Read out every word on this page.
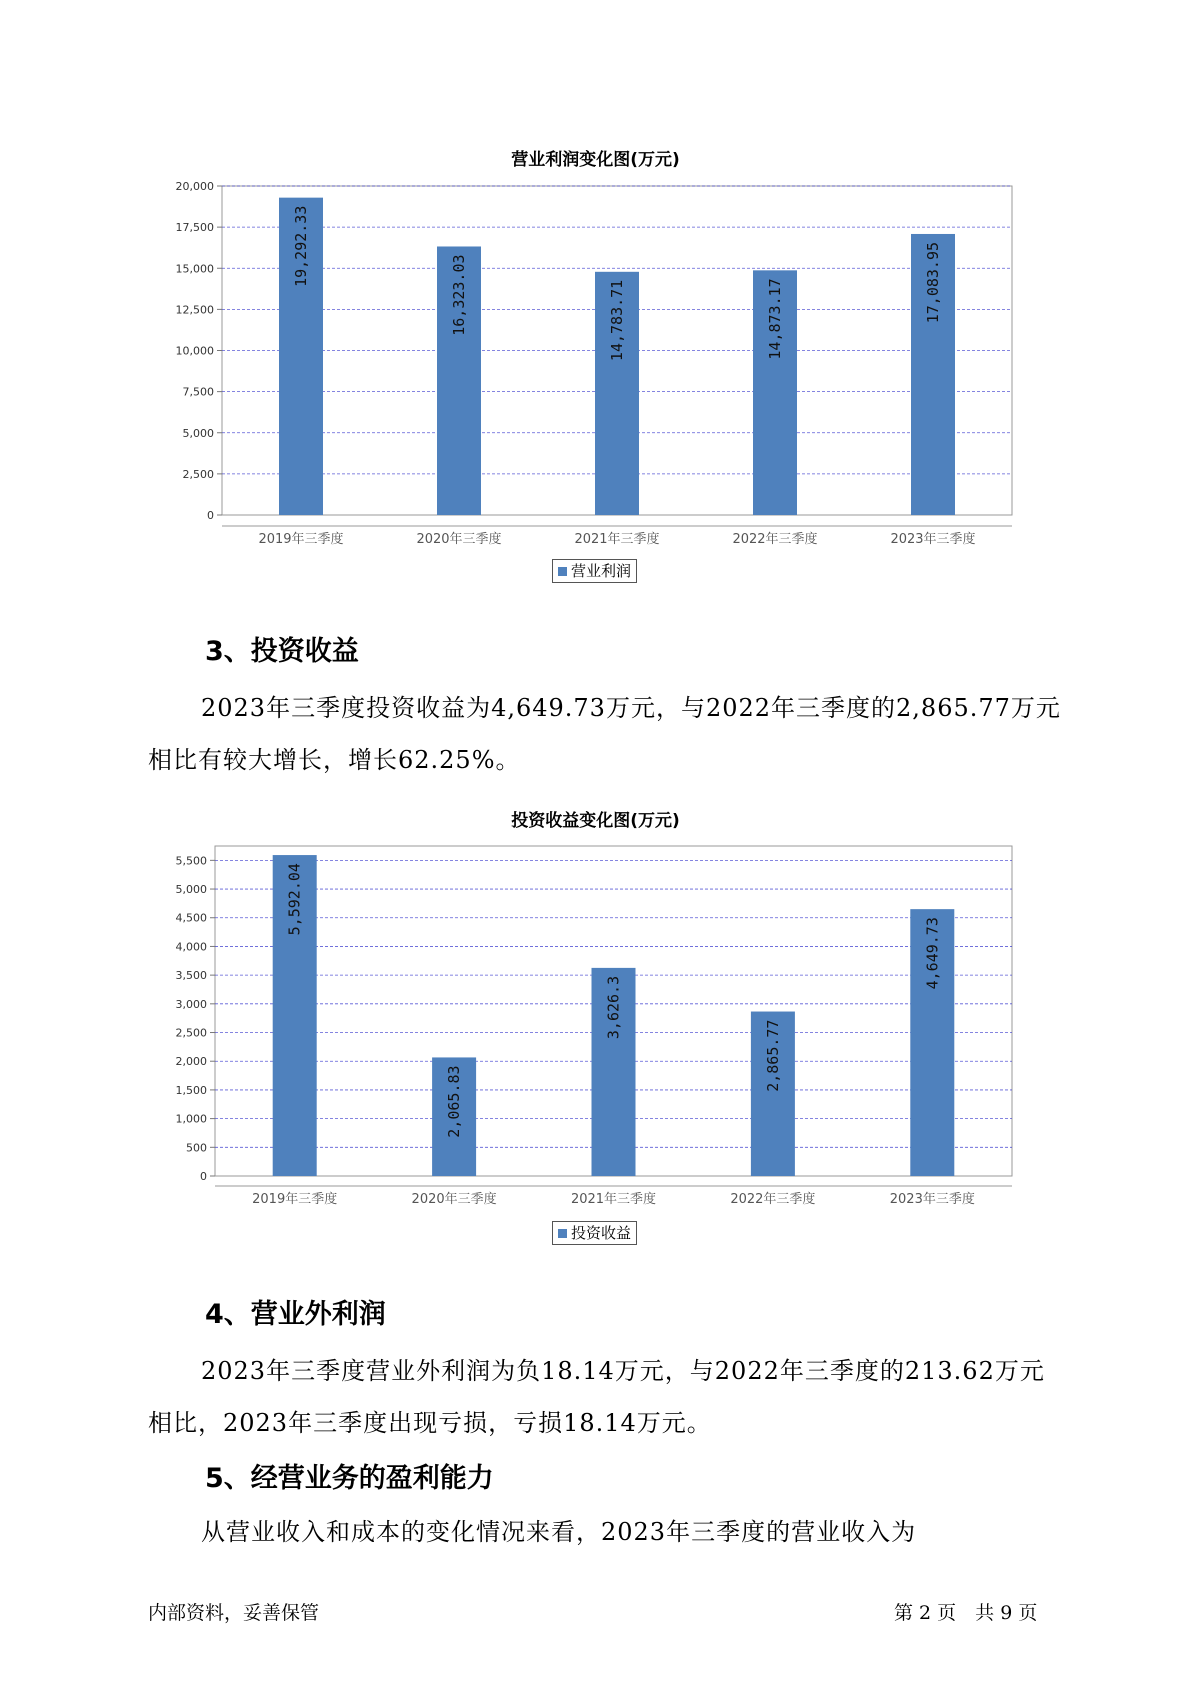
营业利润变化图(万元)
0
2,500
5,000
7,500
10,000
12,500
15,000
17,500
20,000
19,292.33
2019年三季度
16,323.03
2020年三季度
14,783.71
2021年三季度
14,873.17
2022年三季度
17,083.95
2023年三季度
营业利润
3、投资收益

2023年三季度投资收益为4,649.73万元，与2022年三季度的2,865.77万元相比有较大增长，增长62.25%。

投资收益变化图(万元)
0
500
1,000
1,500
2,000
2,500
3,000
3,500
4,000
4,500
5,000
5,500
5,592.04
2019年三季度
2,065.83
2020年三季度
3,626.3
2021年三季度
2,865.77
2022年三季度
4,649.73
2023年三季度
投资收益
4、营业外利润

2023年三季度营业外利润为负18.14万元，与2022年三季度的213.62万元相比，2023年三季度出现亏损，亏损18.14万元。

5、经营业务的盈利能力

从营业收入和成本的变化情况来看，2023年三季度的营业收入为

内部资料，妥善保管	第 2 页　共 9 页
